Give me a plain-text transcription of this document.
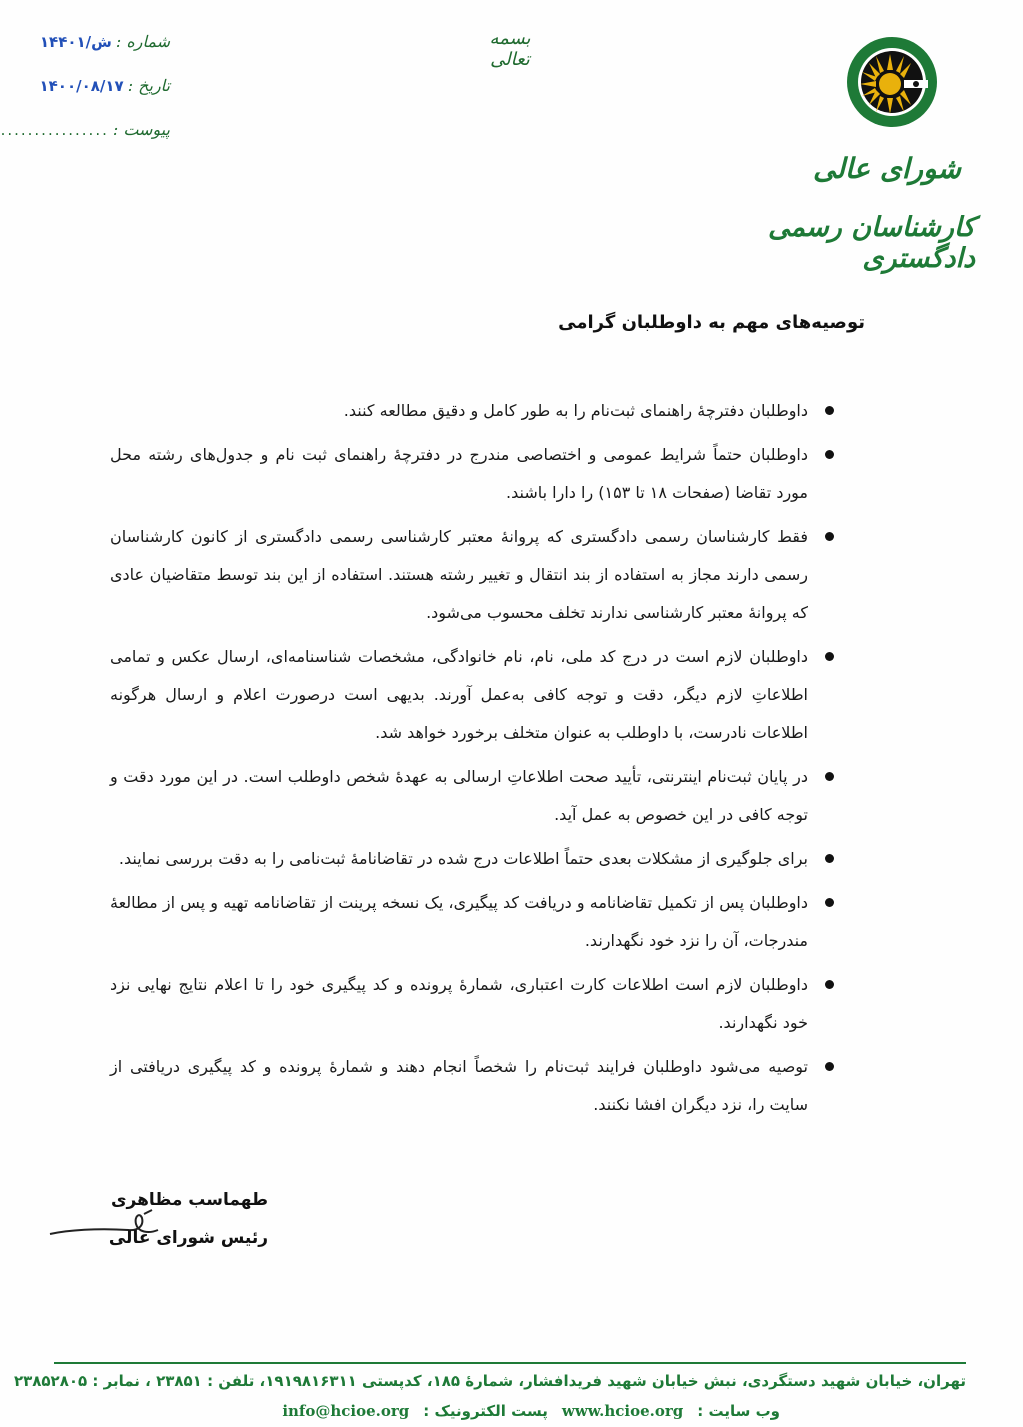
شماره :
۱۴۴۰۱/ش
تاریخ :
۱۴۰۰/۰۸/۱۷
پیوست :
................
بسمه تعالی
شورای عالی
کارشناسان رسمی دادگستری
توصیه‌های مهم به داوطلبان گرامی

داوطلبان دفترچۀ راهنمای ثبت‌نام را به طور کامل و دقیق مطالعه کنند.

داوطلبان حتماً شرایط عمومی و اختصاصی مندرج در دفترچۀ راهنمای ثبت نام و جدول‌های رشته محل مورد تقاضا (صفحات ۱۸ تا ۱۵۳) را دارا باشند.

فقط کارشناسان رسمی دادگستری که پروانۀ معتبر کارشناسی رسمی دادگستری از کانون کارشناسان رسمی دارند مجاز به استفاده از بند انتقال و تغییر رشته هستند. استفاده از این بند توسط متقاضیان عادی که پروانۀ معتبر کارشناسی ندارند تخلف محسوب می‌شود.

داوطلبان لازم است در درج کد ملی، نام، نام خانوادگی، مشخصات شناسنامه‌ای، ارسال عکس و تمامی اطلاعاتِ لازم دیگر، دقت و توجه کافی به‌عمل آورند. بدیهی است درصورت اعلام و ارسال هرگونه اطلاعات نادرست، با داوطلب به عنوان متخلف برخورد خواهد شد.

در پایان ثبت‌نام اینترنتی، تأیید صحت اطلاعاتِ ارسالی به عهدۀ شخص داوطلب است. در این مورد دقت و توجه کافی در این خصوص به عمل آید.

برای جلوگیری از مشکلات بعدی حتماً اطلاعات درج شده در تقاضانامۀ ثبت‌نامی را به دقت بررسی نمایند.

داوطلبان پس از تکمیل تقاضانامه و دریافت کد پیگیری، یک نسخه پرینت از تقاضانامه تهیه و پس از مطالعۀ مندرجات، آن را نزد خود نگهدارند.

داوطلبان لازم است اطلاعات کارت اعتباری، شمارۀ پرونده و کد پیگیری خود را تا اعلام نتایج نهایی نزد خود نگهدارند.

توصیه می‌شود داوطلبان فرایند ثبت‌نام را شخصاً انجام دهند و شمارۀ پرونده و کد پیگیری دریافتی از سایت را، نزد دیگران افشا نکنند.

طهماسب مظاهری
رئیس شورای عالی
تهران، خیابان شهید دستگردی، نبش خیابان شهید فریدافشار، شمارۀ ۱۸۵، کدپستی ۱۹۱۹۸۱۶۳۱۱، تلفن : ۲۳۸۵۱ ، نمابر : ۲۳۸۵۲۸۰۵
وب سایت :
www.hcioe.org
پست الکترونیک :
info@hcioe.org
